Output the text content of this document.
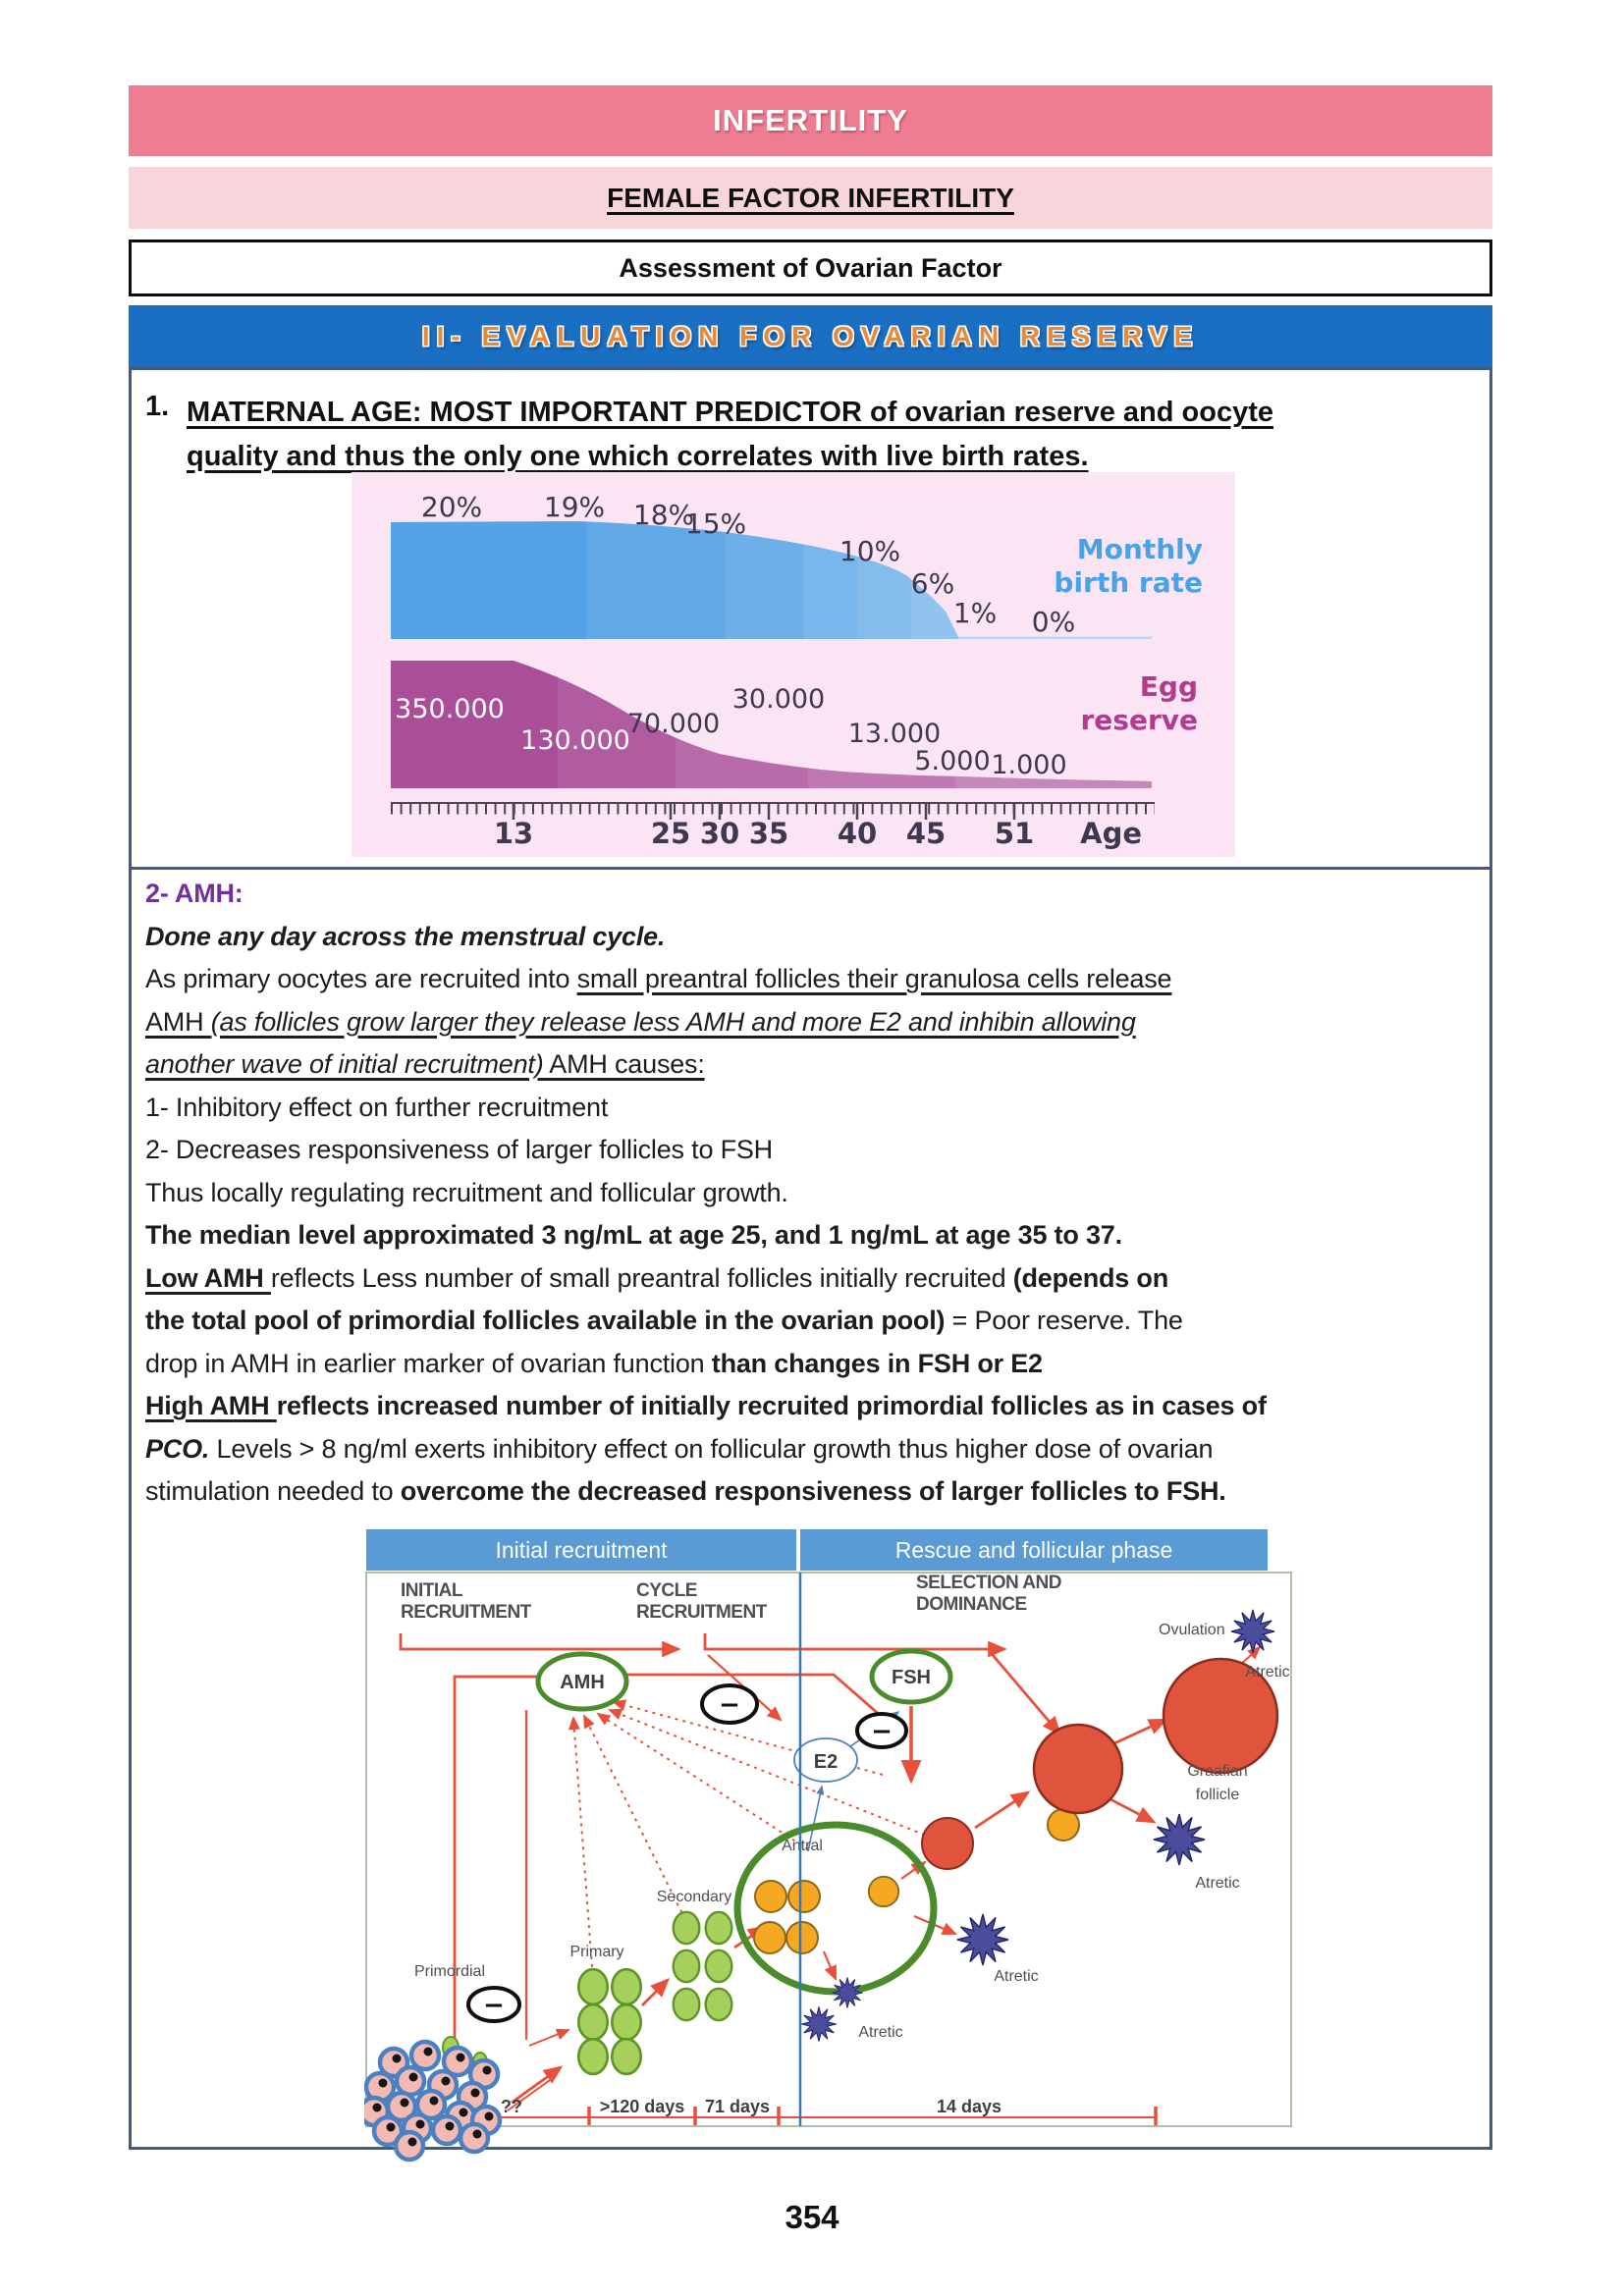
INFERTILITY
FEMALE FACTOR INFERTILITY
Assessment of Ovarian Factor
II- EVALUATION FOR OVARIAN RESERVE
1. MATERNAL AGE: MOST IMPORTANT PREDICTOR of ovarian reserve and oocyte
quality and thus the only one which correlates with live birth rates.

20% 19% 18%
15%
10%
6%
1% 0%
350.000
130.000
70.000
30.000
13.000
5.000 1.000
Monthly
birth rate
Egg
reserve
13	25 30 35 40 45 51 Age
2- AMH:
Done any day across the menstrual cycle.
As primary oocytes are recruited into small preantral follicles their granulosa cells release
AMH (as follicles grow larger they release less AMH and more E2 and inhibin allowing
another wave of initial recruitment) AMH causes:
1- Inhibitory effect on further recruitment
2- Decreases responsiveness of larger follicles to FSH
Thus locally regulating recruitment and follicular growth.
The median level approximated 3 ng/mL at age 25, and 1 ng/mL at age 35 to 37.
Low AMH reflects Less number of small preantral follicles initially recruited (depends on
the total pool of primordial follicles available in the ovarian pool) = Poor reserve. The
drop in AMH in earlier marker of ovarian function than changes in FSH or E2
High AMH reflects increased number of initially recruited primordial follicles as in cases of
PCO. Levels > 8 ng/ml exerts inhibitory effect on follicular growth thus higher dose of ovarian
stimulation needed to overcome the decreased responsiveness of larger follicles to FSH.
Initial recruitment	Rescue and follicular phase
INITIAL
RECRUITMENT
CYCLE
RECRUITMENT
SELECTION AND
DOMINANCE
Ovulation
AMH	FSH
−
−
−
E2
Primordial
Primary
Secondary
Antral
Graafian
follicle
Atretic
Atretic
Atretic
Atretic
??	>120 days 71 days	14 days
354
